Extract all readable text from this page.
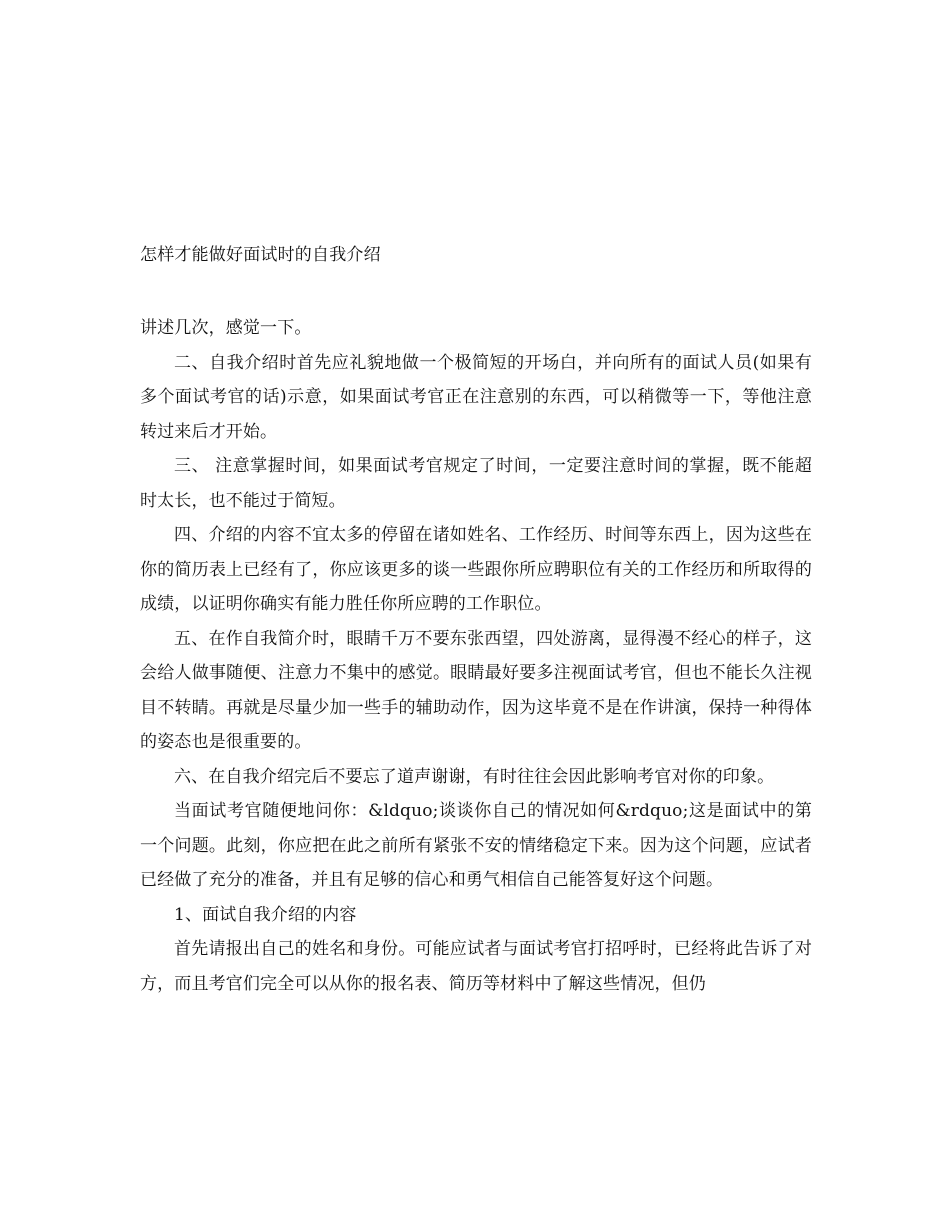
怎样才能做好面试时的自我介绍

讲述几次，感觉一下。

二、自我介绍时首先应礼貌地做一个极简短的开场白，并向所有的面试人员(如果有多个面试考官的话)示意，如果面试考官正在注意别的东西，可以稍微等一下，等他注意转过来后才开始。

三、 注意掌握时间，如果面试考官规定了时间，一定要注意时间的掌握，既不能超时太长，也不能过于简短。

四、介绍的内容不宜太多的停留在诸如姓名、工作经历、时间等东西上，因为这些在你的简历表上已经有了，你应该更多的谈一些跟你所应聘职位有关的工作经历和所取得的成绩，以证明你确实有能力胜任你所应聘的工作职位。

五、在作自我简介时，眼睛千万不要东张西望，四处游离，显得漫不经心的样子，这会给人做事随便、注意力不集中的感觉。眼睛最好要多注视面试考官，但也不能长久注视目不转睛。再就是尽量少加一些手的辅助动作，因为这毕竟不是在作讲演，保持一种得体的姿态也是很重要的。

六、在自我介绍完后不要忘了道声谢谢，有时往往会因此影响考官对你的印象。

当面试考官随便地问你：&ldquo;谈谈你自己的情况如何&rdquo;这是面试中的第一个问题。此刻，你应把在此之前所有紧张不安的情绪稳定下来。因为这个问题，应试者已经做了充分的准备，并且有足够的信心和勇气相信自己能答复好这个问题。

1、面试自我介绍的内容

首先请报出自己的姓名和身份。可能应试者与面试考官打招呼时，已经将此告诉了对方，而且考官们完全可以从你的报名表、简历等材料中了解这些情况，但仍
